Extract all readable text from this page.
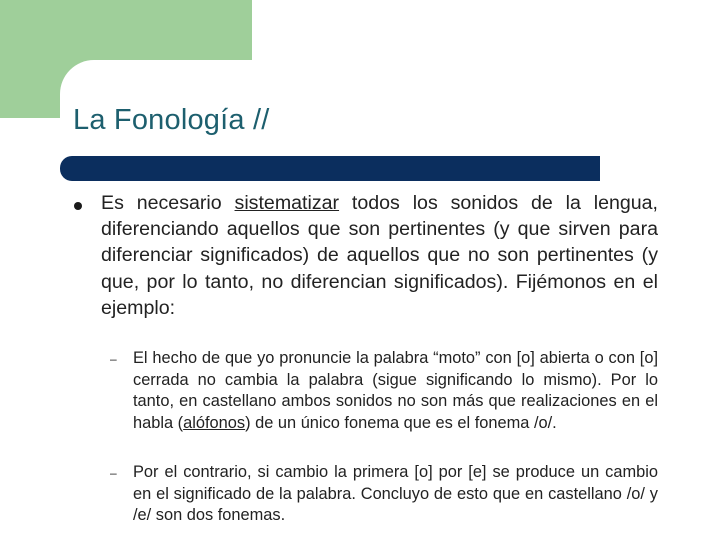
La Fonología //

Es necesario sistematizar todos los sonidos de la lengua, diferenciando aquellos que son pertinentes (y que sirven para diferenciar significados) de aquellos que no son pertinentes (y que, por lo tanto, no diferencian significados). Fijémonos en el ejemplo:

– El hecho de que yo pronuncie la palabra “moto” con [o] abierta o con [o] cerrada no cambia la palabra (sigue significando lo mismo). Por lo tanto, en castellano ambos sonidos no son más que realizaciones en el habla (alófonos) de un único fonema que es el fonema /o/.

– Por el contrario, si cambio la primera [o] por [e] se produce un cambio en el significado de la palabra. Concluyo de esto que en castellano /o/ y /e/ son dos fonemas.
